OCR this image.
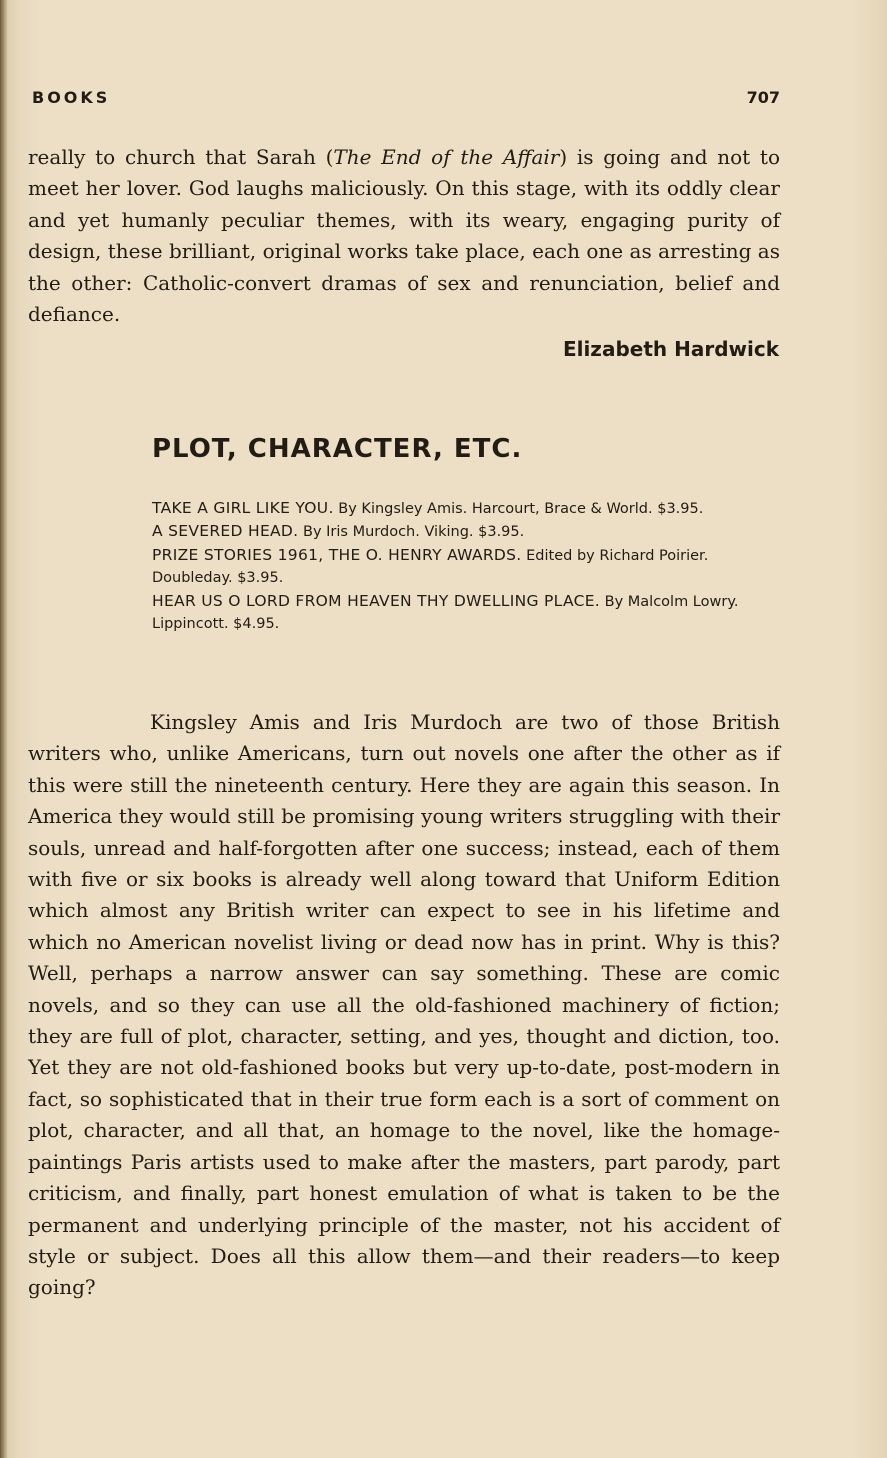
BOOKS	707

really to church that Sarah (The End of the Affair) is going and not to meet her lover. God laughs maliciously. On this stage, with its oddly clear and yet humanly peculiar themes, with its weary, engaging purity of design, these brilliant, original works take place, each one as arresting as the other: Catholic-convert dramas of sex and renunciation, belief and defiance.

Elizabeth Hardwick
PLOT, CHARACTER, ETC.

TAKE A GIRL LIKE YOU. By Kingsley Amis. Harcourt, Brace & World. $3.95.

A SEVERED HEAD. By Iris Murdoch. Viking. $3.95.

PRIZE STORIES 1961, THE O. HENRY AWARDS. Edited by Richard Poirier. Doubleday. $3.95.

HEAR US O LORD FROM HEAVEN THY DWELLING PLACE. By Malcolm Lowry. Lippincott. $4.95.

Kingsley Amis and Iris Murdoch are two of those British writers who, unlike Americans, turn out novels one after the other as if this were still the nineteenth century. Here they are again this season. In America they would still be promising young writers struggling with their souls, unread and half-forgotten after one success; instead, each of them with five or six books is already well along toward that Uniform Edition which almost any British writer can expect to see in his lifetime and which no American novelist living or dead now has in print. Why is this? Well, perhaps a narrow answer can say something. These are comic novels, and so they can use all the old-fashioned machinery of fiction; they are full of plot, character, setting, and yes, thought and diction, too. Yet they are not old-fashioned books but very up-to-date, post-modern in fact, so sophisticated that in their true form each is a sort of comment on plot, character, and all that, an homage to the novel, like the homage-paintings Paris artists used to make after the masters, part parody, part criticism, and finally, part honest emulation of what is taken to be the permanent and underlying principle of the master, not his accident of style or subject. Does all this allow them—and their readers—to keep going?
